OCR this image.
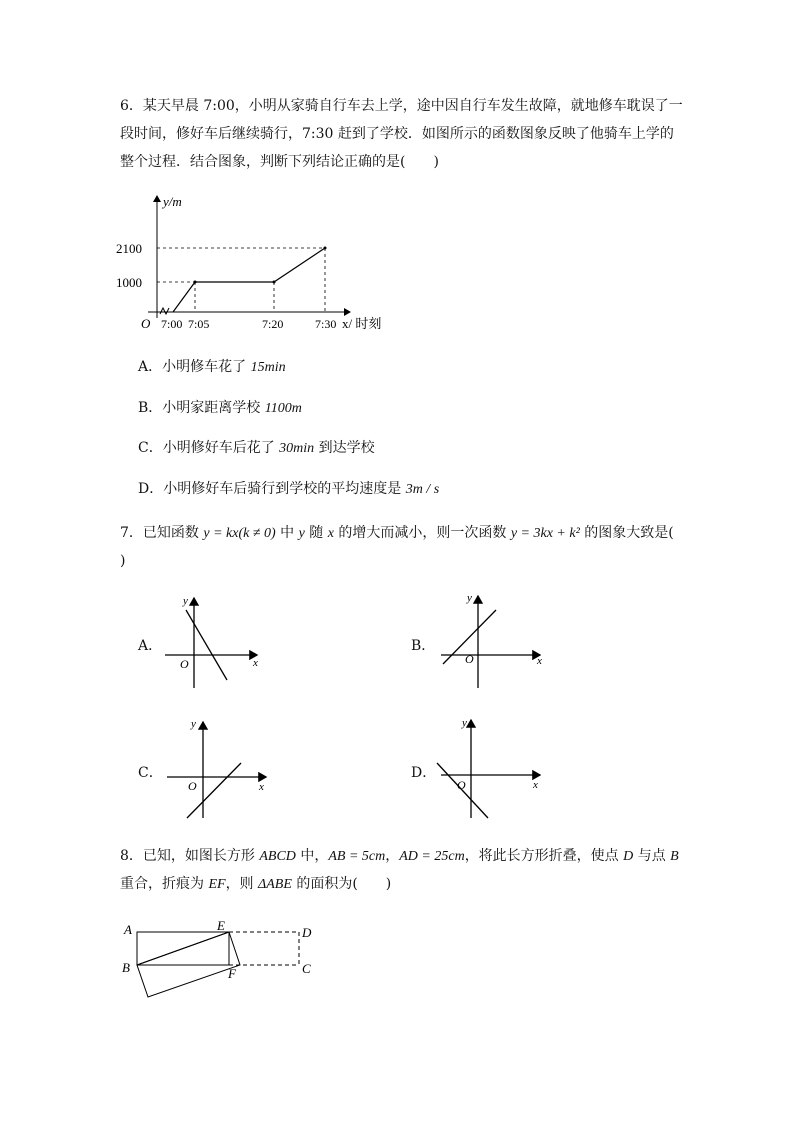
6．某天早晨 7:00，小明从家骑自行车去上学，途中因自行车发生故障，就地修车耽误了一
段时间，修好车后继续骑行，7:30 赶到了学校．如图所示的函数图象反映了他骑车上学的
整个过程．结合图象，判断下列结论正确的是(　　)
y/m
2100
1000
O 7:00 7:05	7:20	7:30 x/ 时刻
A．小明修车花了 15min
B．小明家距离学校 1100m
C．小明修好车后花了 30min 到达学校
D．小明修好车后骑行到学校的平均速度是 3m / s
7．已知函数 y = kx(k ≠ 0) 中 y 随 x 的增大而减小，则一次函数 y = 3kx + k² 的图象大致是(
)
A．
y
x
O
B．
y
x
O
C．
y
x
O
D．
y
x
O
8．已知，如图长方形 ABCD 中，AB = 5cm，AD = 25cm，将此长方形折叠，使点 D 与点 B
重合，折痕为 EF，则 ΔABE 的面积为(　　)
A
B	C
D
E
F
